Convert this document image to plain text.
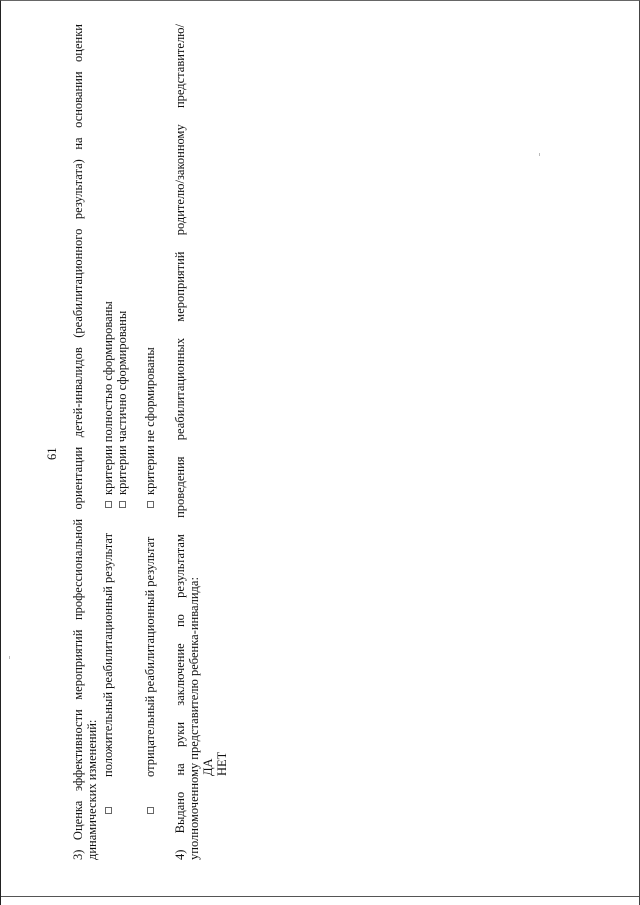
61 3) Оценка эффективности мероприятий профессиональной ориентации детей-инвалидов (реабилитационного результата) на основании оценки динамических изменений:
положительный реабилитационный результат
критерии полностью сформированы критерии частично сформированы
отрицательный реабилитационный результат
критерии не сформированы 4) Выдано на руки заключение по результатам проведения реабилитационных мероприятий родителю/законному представителю/ уполномоченному представителю ребенка-инвалида: ДА НЕТ
